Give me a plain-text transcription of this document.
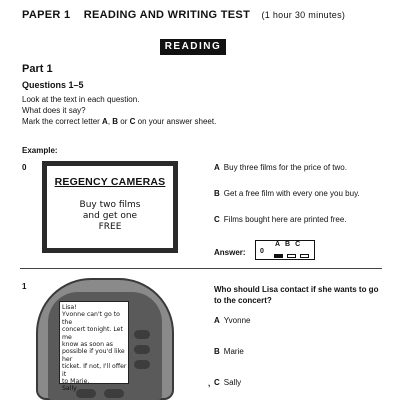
PAPER 1 READING AND WRITING TEST (1 hour 30 minutes)
READING
Part 1
Questions 1–5
Look at the text in each question.
What does it say?
Mark the correct letter A, B or C on your answer sheet.
Example:
0
REGENCY CAMERAS
Buy two films
and get one
FREE
A Buy three films for the price of two.
B Get a free film with every one you buy.
C Films bought here are printed free.
Answer: 0
ABC
1
Lisa!
Yvonne can't go to the
concert tonight. Let me
know as soon as
possible if you'd like her
ticket. If not, I'll offer it
to Marie.
Sally
Who should Lisa contact if she wants to go to the concert?
A Yvonne
B Marie
, C Sally
